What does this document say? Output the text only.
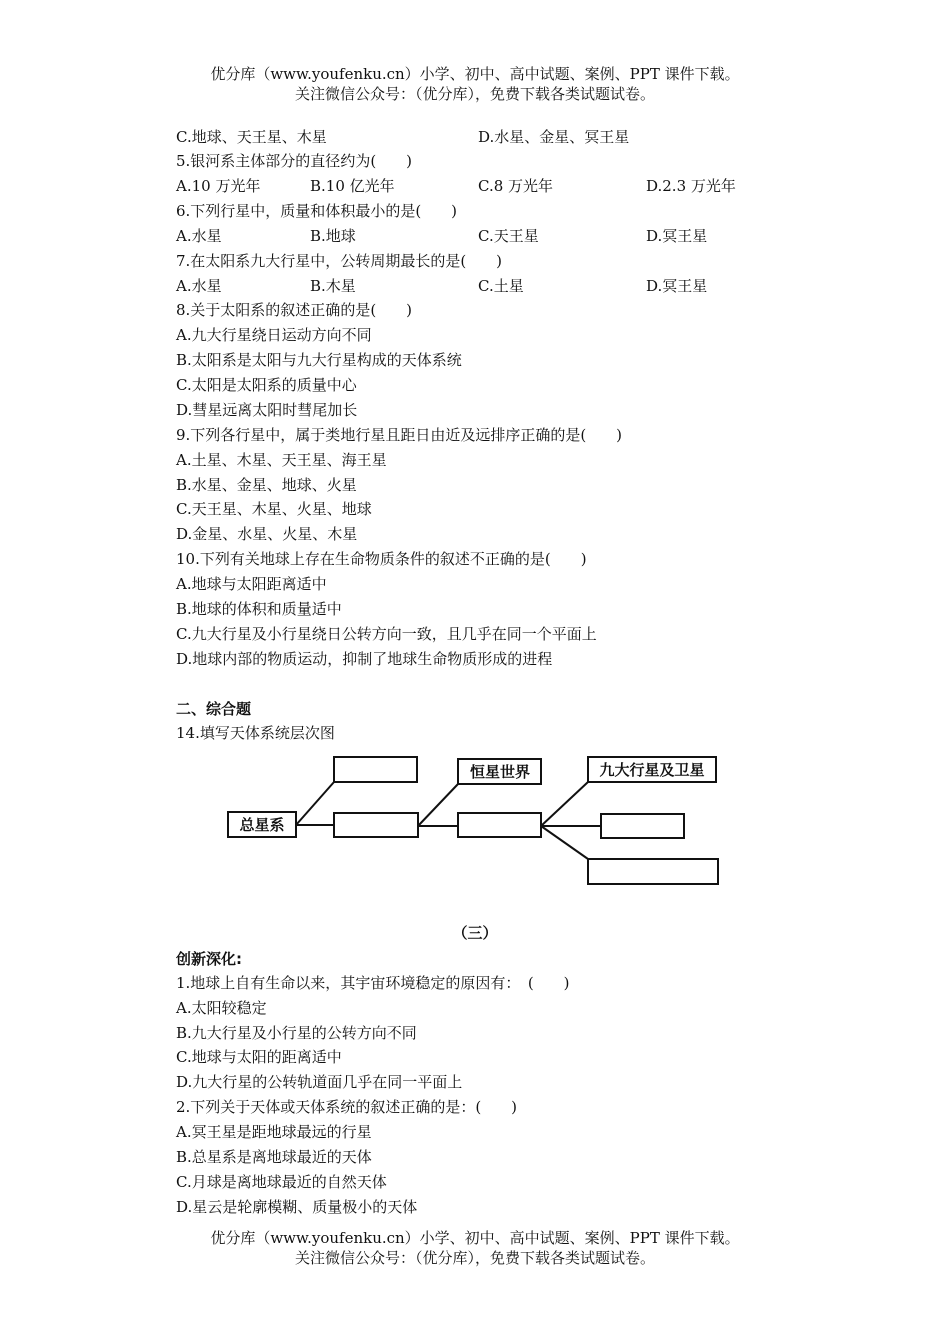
优分库（www.youfenku.cn）小学、初中、高中试题、案例、PPT 课件下载。
关注微信公众号：（优分库），免费下载各类试题试卷。
C.地球、天王星、木星	D.水星、金星、冥王星
5.银河系主体部分的直径约为(　　)
A.10 万光年	B.10 亿光年	C.8 万光年	D.2.3 万光年
6.下列行星中，质量和体积最小的是(　　)
A.水星	B.地球	C.天王星	D.冥王星
7.在太阳系九大行星中，公转周期最长的是(　　)
A.水星	B.木星	C.土星	D.冥王星
8.关于太阳系的叙述正确的是(　　)
A.九大行星绕日运动方向不同
B.太阳系是太阳与九大行星构成的天体系统
C.太阳是太阳系的质量中心
D.彗星远离太阳时彗尾加长
9.下列各行星中，属于类地行星且距日由近及远排序正确的是(　　)
A.土星、木星、天王星、海王星
B.水星、金星、地球、火星
C.天王星、木星、火星、地球
D.金星、水星、火星、木星
10.下列有关地球上存在生命物质条件的叙述不正确的是(　　)
A.地球与太阳距离适中
B.地球的体积和质量适中
C.九大行星及小行星绕日公转方向一致，且几乎在同一个平面上
D.地球内部的物质运动，抑制了地球生命物质形成的进程
二、综合题
14.填写天体系统层次图
总星系
恒星世界	九大行星及卫星
（三）
创新深化:
1.地球上自有生命以来，其宇宙环境稳定的原因有：　(　　)
A.太阳较稳定
B.九大行星及小行星的公转方向不同
C.地球与太阳的距离适中
D.九大行星的公转轨道面几乎在同一平面上
2.下列关于天体或天体系统的叙述正确的是：(　　)
A.冥王星是距地球最远的行星
B.总星系是离地球最近的天体
C.月球是离地球最近的自然天体
D.星云是轮廓模糊、质量极小的天体
优分库（www.youfenku.cn）小学、初中、高中试题、案例、PPT 课件下载。
关注微信公众号：（优分库），免费下载各类试题试卷。
